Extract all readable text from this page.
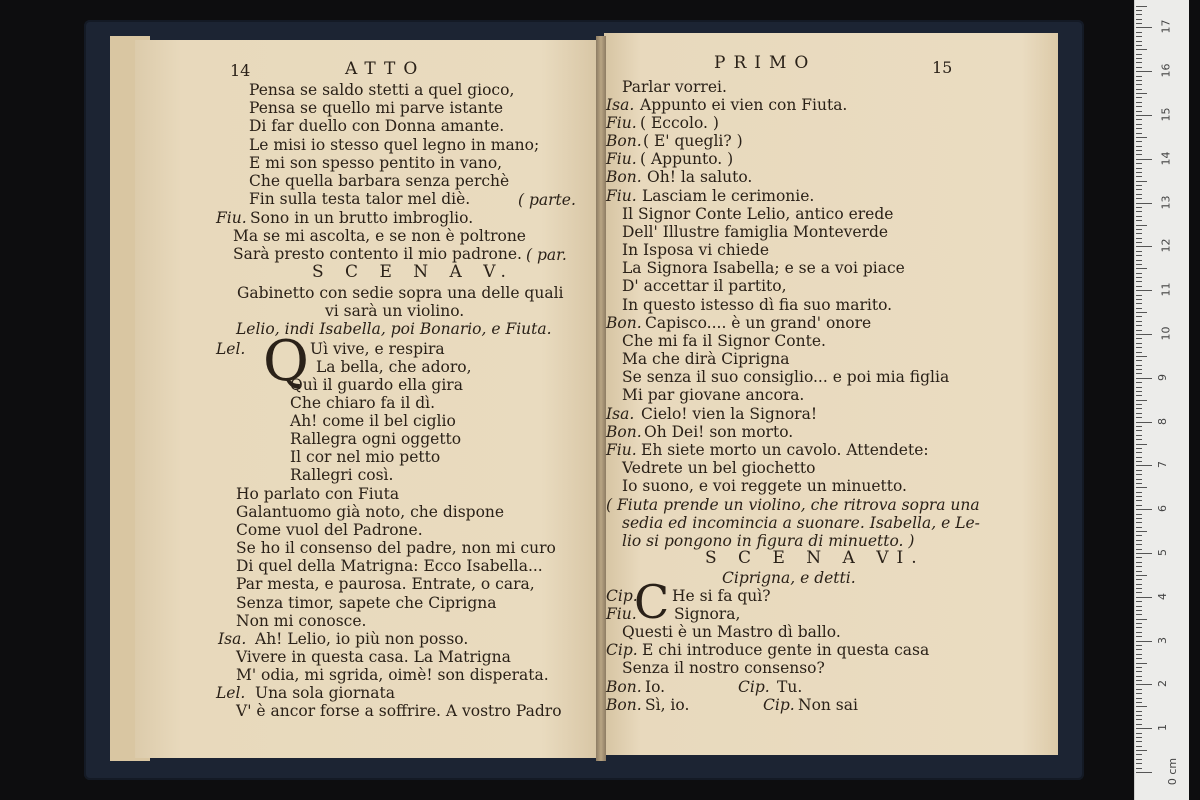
14	ATTO
Pensa se saldo stetti a quel gioco,
Pensa se quello mi parve istante
Di far duello con Donna amante.
Le misi io stesso quel legno in mano;
E mi son spesso pentito in vano,
Che quella barbara senza perchè
Fin sulla testa talor mel diè.	( parte.
Fiu. Sono in un brutto imbroglio.
Ma se mi ascolta, e se non è poltrone
Sarà presto contento il mio padrone. ( par.
S C E N A V.
Gabinetto con sedie sopra una delle quali
vi sarà un violino.
Lelio, indi Isabella, poi Bonario, e Fiuta.
Lel. Q Uì vive, e respira
La bella, che adoro,
Quì il guardo ella gira
Che chiaro fa il dì.
Ah! come il bel ciglio
Rallegra ogni oggetto
Il cor nel mio petto
Rallegri così.
Ho parlato con Fiuta
Galantuomo già noto, che dispone
Come vuol del Padrone.
Se ho il consenso del padre, non mi curo
Di quel della Matrigna: Ecco Isabella...
Par mesta, e paurosa. Entrate, o cara,
Senza timor, sapete che Ciprigna
Non mi conosce.
Isa. Ah! Lelio, io più non posso.
Vivere in questa casa. La Matrigna
M' odia, mi sgrida, oimè! son disperata.
Lel. Una sola giornata
V' è ancor forse a soffrire. A vostro Padro
PRIMO	15
Parlar vorrei.
Isa. Appunto ei vien con Fiuta.
Fiu. ( Eccolo. )
Bon. ( E' quegli? )
Fiu. ( Appunto. )
Bon. Oh! la saluto.
Fiu. Lasciam le cerimonie.
Il Signor Conte Lelio, antico erede
Dell' Illustre famiglia Monteverde
In Isposa vi chiede
La Signora Isabella; e se a voi piace
D' accettar il partito,
In questo istesso dì fia suo marito.
Bon. Capisco.... è un grand' onore
Che mi fa il Signor Conte.
Ma che dirà Ciprigna
Se senza il suo consiglio... e poi mia figlia
Mi par giovane ancora.
Isa. Cielo! vien la Signora!
Bon. Oh Dei! son morto.
Fiu. Eh siete morto un cavolo. Attendete:
Vedrete un bel giochetto
Io suono, e voi reggete un minuetto.
( Fiuta prende un violino, che ritrova sopra una
sedia ed incomincia a suonare. Isabella, e Le-
lio si pongono in figura di minuetto. )
S C E N A VI.
Ciprigna, e detti.
Cip.
C He si fa quì?
Fiu. Signora,
Questi è un Mastro dì ballo.
Cip. E chi introduce gente in questa casa
Senza il nostro consenso?
Bon. Io.	Cip. Tu.
Bon. Sì, io.	Cip. Non sai
17
16
15
14
13
12
11
10
9
8
7
6
5
4
3
2
1
0 cm
